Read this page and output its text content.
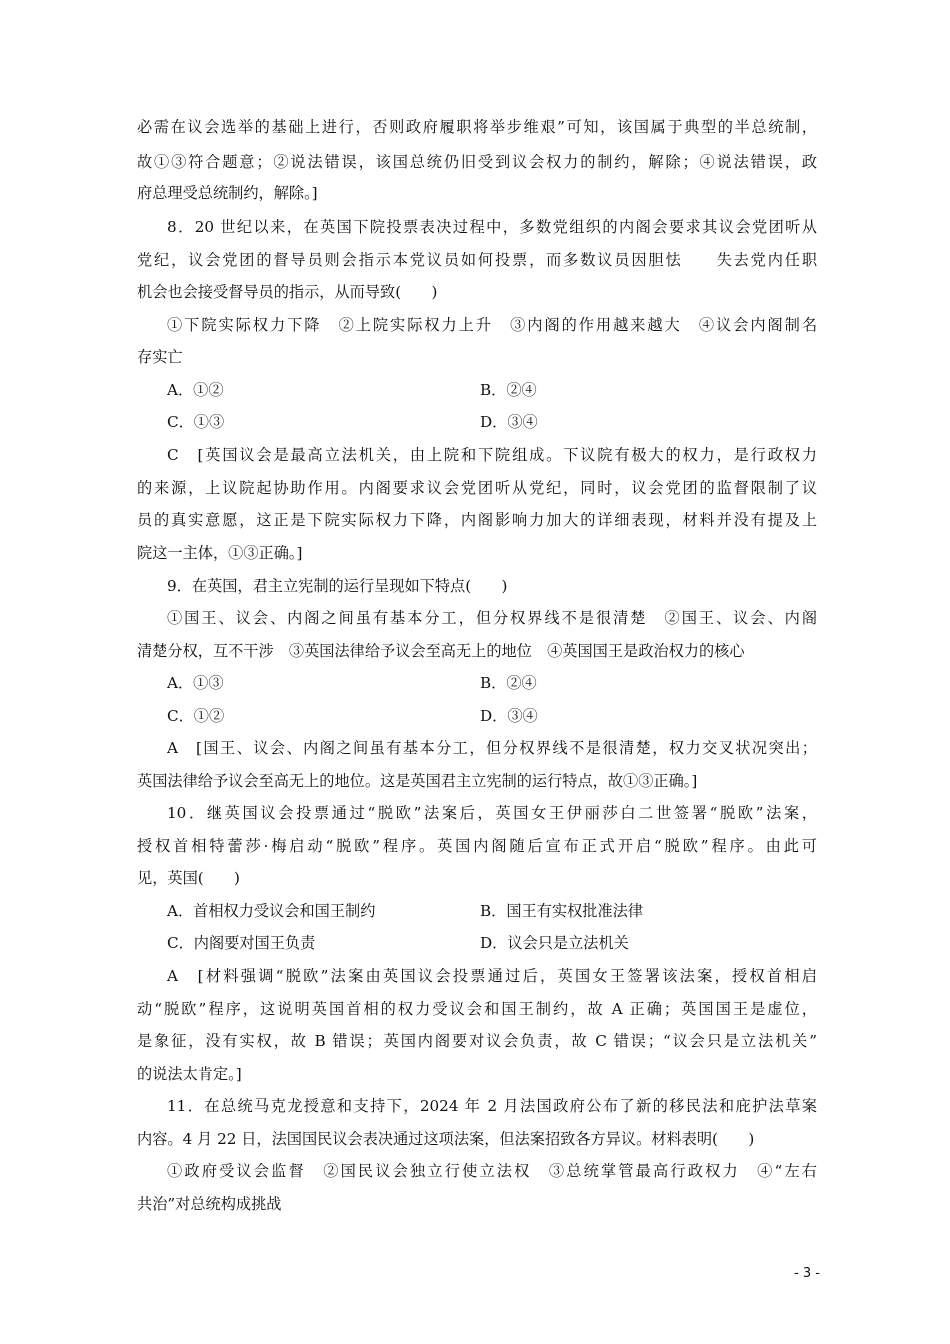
必需在议会选举的基础上进行，否则政府履职将举步维艰”可知，该国属于典型的半总统制，
故①③符合题意；②说法错误，该国总统仍旧受到议会权力的制约，解除；④说法错误，政
府总理受总统制约，解除。]
8．20 世纪以来，在英国下院投票表决过程中，多数党组织的内阁会要求其议会党团听从
党纪，议会党团的督导员则会指示本党议员如何投票，而多数议员因胆怯　　失去党内任职
机会也会接受督导员的指示，从而导致(　　)
①下院实际权力下降　②上院实际权力上升　③内阁的作用越来越大　④议会内阁制名
存实亡
A．①②	B．②④
C．①③	D．③④
C　[英国议会是最高立法机关，由上院和下院组成。下议院有极大的权力，是行政权力
的来源，上议院起协助作用。内阁要求议会党团听从党纪，同时，议会党团的监督限制了议
员的真实意愿，这正是下院实际权力下降，内阁影响力加大的详细表现，材料并没有提及上
院这一主体，①③正确。]
9．在英国，君主立宪制的运行呈现如下特点(　　)
①国王、议会、内阁之间虽有基本分工，但分权界线不是很清楚　②国王、议会、内阁
清楚分权，互不干涉　③英国法律给予议会至高无上的地位　④英国国王是政治权力的核心
A．①③	B．②④
C．①②	D．③④
A　[国王、议会、内阁之间虽有基本分工，但分权界线不是很清楚，权力交叉状况突出；
英国法律给予议会至高无上的地位。这是英国君主立宪制的运行特点，故①③正确。]
10．继英国议会投票通过“脱欧”法案后，英国女王伊丽莎白二世签署“脱欧”法案，
授权首相特蕾莎·梅启动“脱欧”程序。英国内阁随后宣布正式开启“脱欧”程序。由此可
见，英国(　　)
A．首相权力受议会和国王制约	B．国王有实权批准法律
C．内阁要对国王负责	D．议会只是立法机关
A　[材料强调“脱欧”法案由英国议会投票通过后，英国女王签署该法案，授权首相启
动“脱欧”程序，这说明英国首相的权力受议会和国王制约，故 A 正确；英国国王是虚位，
是象征，没有实权，故 B 错误；英国内阁要对议会负责，故 C 错误；“议会只是立法机关”
的说法太肯定。]
11．在总统马克龙授意和支持下，2024 年 2 月法国政府公布了新的移民法和庇护法草案
内容。4 月 22 日，法国国民议会表决通过这项法案，但法案招致各方异议。材料表明(　　)
①政府受议会监督　②国民议会独立行使立法权　③总统掌管最高行政权力　④“左右
共治”对总统构成挑战
- 3 -
